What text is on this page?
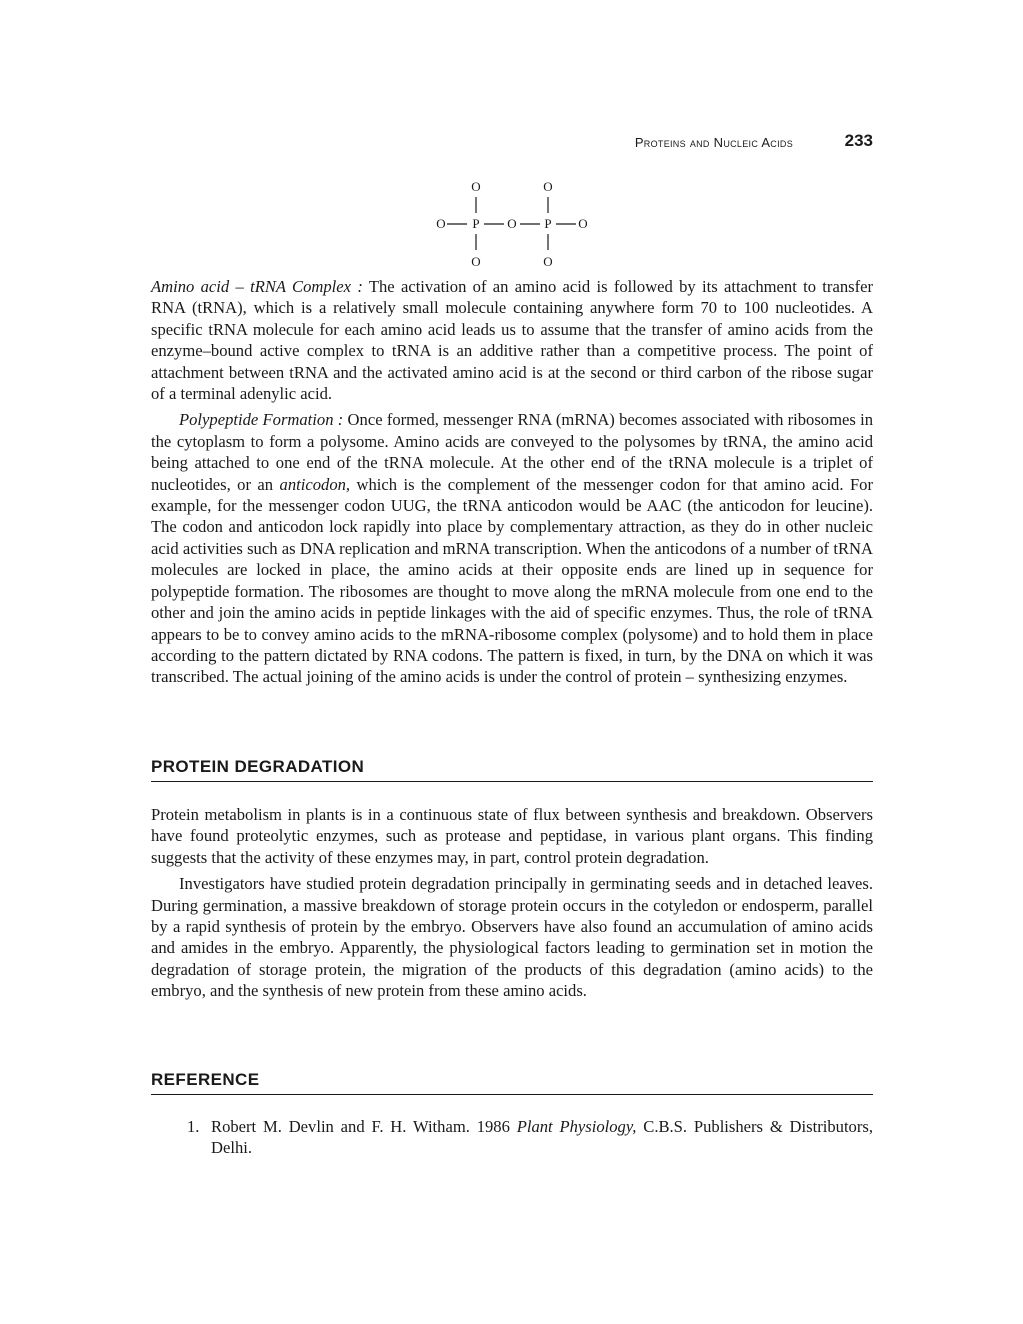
Proteins and Nucleic Acids	233
O	O
O P O P O
O	O

Amino acid – tRNA Complex : The activation of an amino acid is followed by its attachment to transfer RNA (tRNA), which is a relatively small molecule containing anywhere form 70 to 100 nucleotides. A specific tRNA molecule for each amino acid leads us to assume that the transfer of amino acids from the enzyme–bound active complex to tRNA is an additive rather than a competitive process. The point of attachment between tRNA and the activated amino acid is at the second or third carbon of the ribose sugar of a terminal adenylic acid.

Polypeptide Formation : Once formed, messenger RNA (mRNA) becomes associated with ribosomes in the cytoplasm to form a polysome. Amino acids are conveyed to the polysomes by tRNA, the amino acid being attached to one end of the tRNA molecule. At the other end of the tRNA molecule is a triplet of nucleotides, or an anticodon, which is the complement of the messenger codon for that amino acid. For example, for the messenger codon UUG, the tRNA anticodon would be AAC (the anticodon for leucine). The codon and anticodon lock rapidly into place by complementary attraction, as they do in other nucleic acid activities such as DNA replication and mRNA transcription. When the anticodons of a number of tRNA molecules are locked in place, the amino acids at their opposite ends are lined up in sequence for polypeptide formation. The ribosomes are thought to move along the mRNA molecule from one end to the other and join the amino acids in peptide linkages with the aid of specific enzymes. Thus, the role of tRNA appears to be to convey amino acids to the mRNA-ribosome complex (polysome) and to hold them in place according to the pattern dictated by RNA codons. The pattern is fixed, in turn, by the DNA on which it was transcribed. The actual joining of the amino acids is under the control of protein – synthesizing enzymes.

PROTEIN DEGRADATION

Protein metabolism in plants is in a continuous state of flux between synthesis and breakdown. Observers have found proteolytic enzymes, such as protease and peptidase, in various plant organs. This finding suggests that the activity of these enzymes may, in part, control protein degradation.

Investigators have studied protein degradation principally in germinating seeds and in detached leaves. During germination, a massive breakdown of storage protein occurs in the cotyledon or endosperm, parallel by a rapid synthesis of protein by the embryo. Observers have also found an accumulation of amino acids and amides in the embryo. Apparently, the physiological factors leading to germination set in motion the degradation of storage protein, the migration of the products of this degradation (amino acids) to the embryo, and the synthesis of new protein from these amino acids.

REFERENCE
1. Robert M. Devlin and F. H. Witham. 1986 Plant Physiology, C.B.S. Publishers & Distributors, Delhi.
